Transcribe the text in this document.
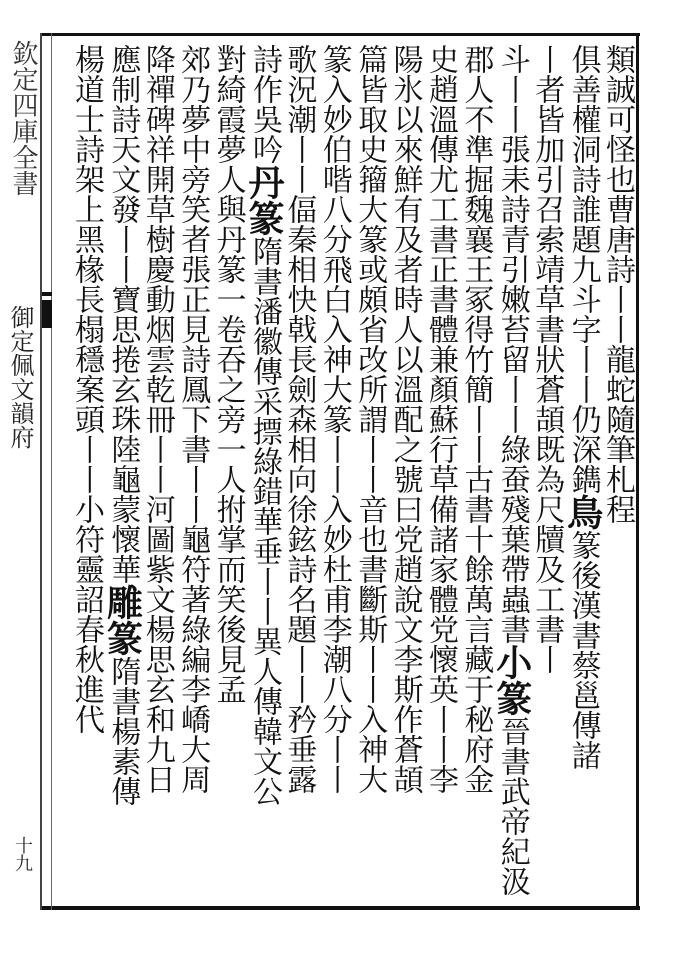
欽定四庫全書
御定佩文韻府
十九
類誠可怪也曹唐詩丨丨龍蛇隨筆札程
俱善權洞詩誰題九斗字丨丨仍深鐫鳥篆後漢書蔡邕傳諸
丨者皆加引召索靖草書狀蒼頡既為尺牘及工書丨
斗丨丨張耒詩青引嫩苔留丨丨綠蚕殘葉帶蟲書小篆晉書武帝紀汲
郡人不準掘魏襄王冢得竹簡丨丨古書十餘萬言藏于秘府金
史趙溫傳尤工書正書體兼顏蘇行草備諸家體党懷英丨丨李
陽氷以來鮮有及者時人以溫配之號曰党趙說文李斯作蒼頡
篇皆取史籀大篆或頗省改所謂丨丨音也書斷斯丨丨入神大
篆入妙伯喈八分飛白入神大篆丨丨入妙杜甫李潮八分丨丨
歌況潮丨丨偪秦相快戟長劍森相向徐鉉詩名題丨丨矜垂露
詩作吳吟丹篆隋書潘徽傳采摽綠錯華垂丨丨異人傳韓文公
對綺霞夢人與丹篆一卷吞之旁一人拊掌而笑後見孟
郊乃夢中旁笑者張正見詩鳳下書丨丨龜符著綠編李嶠大周
降禪碑祥開草樹慶動烟雲乾冊丨丨河圖紫文楊思玄和九日
應制詩天文發丨丨寶思捲玄珠陸龜蒙懷華雕篆隋書楊素傳
楊道士詩架上黑椽長榻穩案頭丨丨小符靈詔春秋進代
